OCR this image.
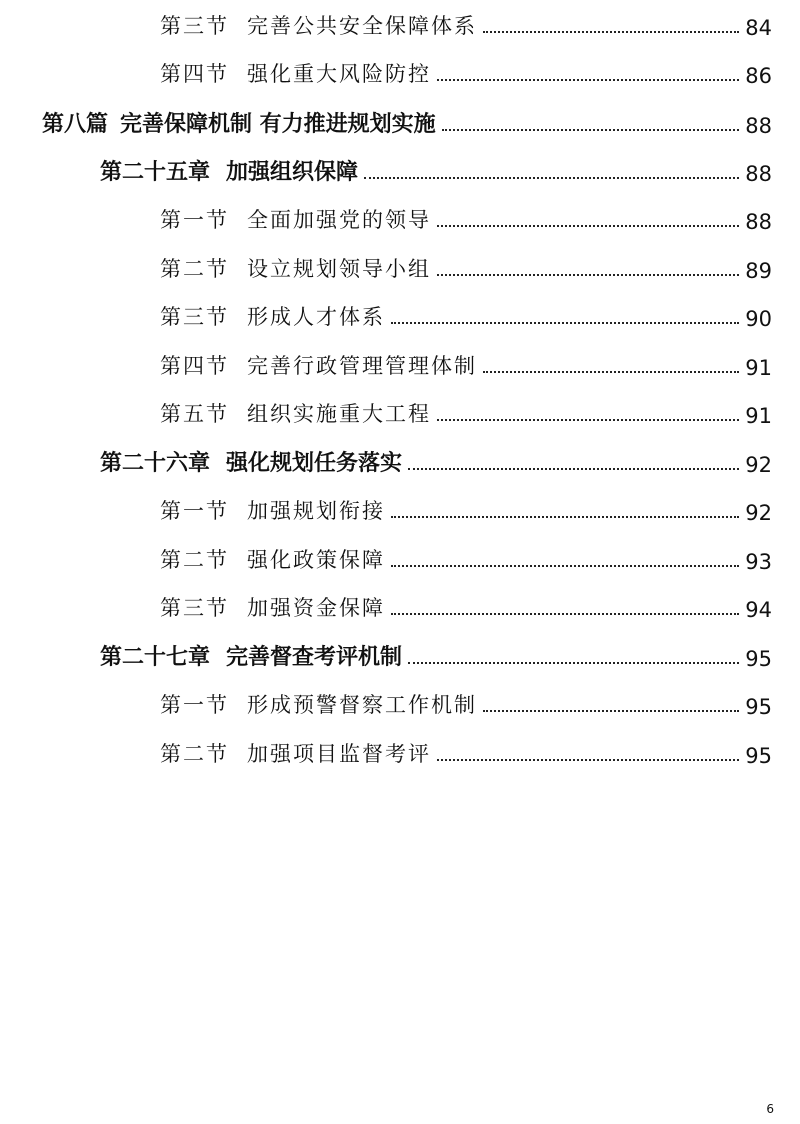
第三节 完善公共安全保障体系	84
第四节 强化重大风险防控	86
第八篇 完善保障机制 有力推进规划实施	88
第二十五章 加强组织保障	88
第一节 全面加强党的领导	88
第二节 设立规划领导小组	89
第三节 形成人才体系	90
第四节 完善行政管理管理体制	91
第五节 组织实施重大工程	91
第二十六章 强化规划任务落实	92
第一节 加强规划衔接	92
第二节 强化政策保障	93
第三节 加强资金保障	94
第二十七章 完善督查考评机制	95
第一节 形成预警督察工作机制	95
第二节 加强项目监督考评	95
6
